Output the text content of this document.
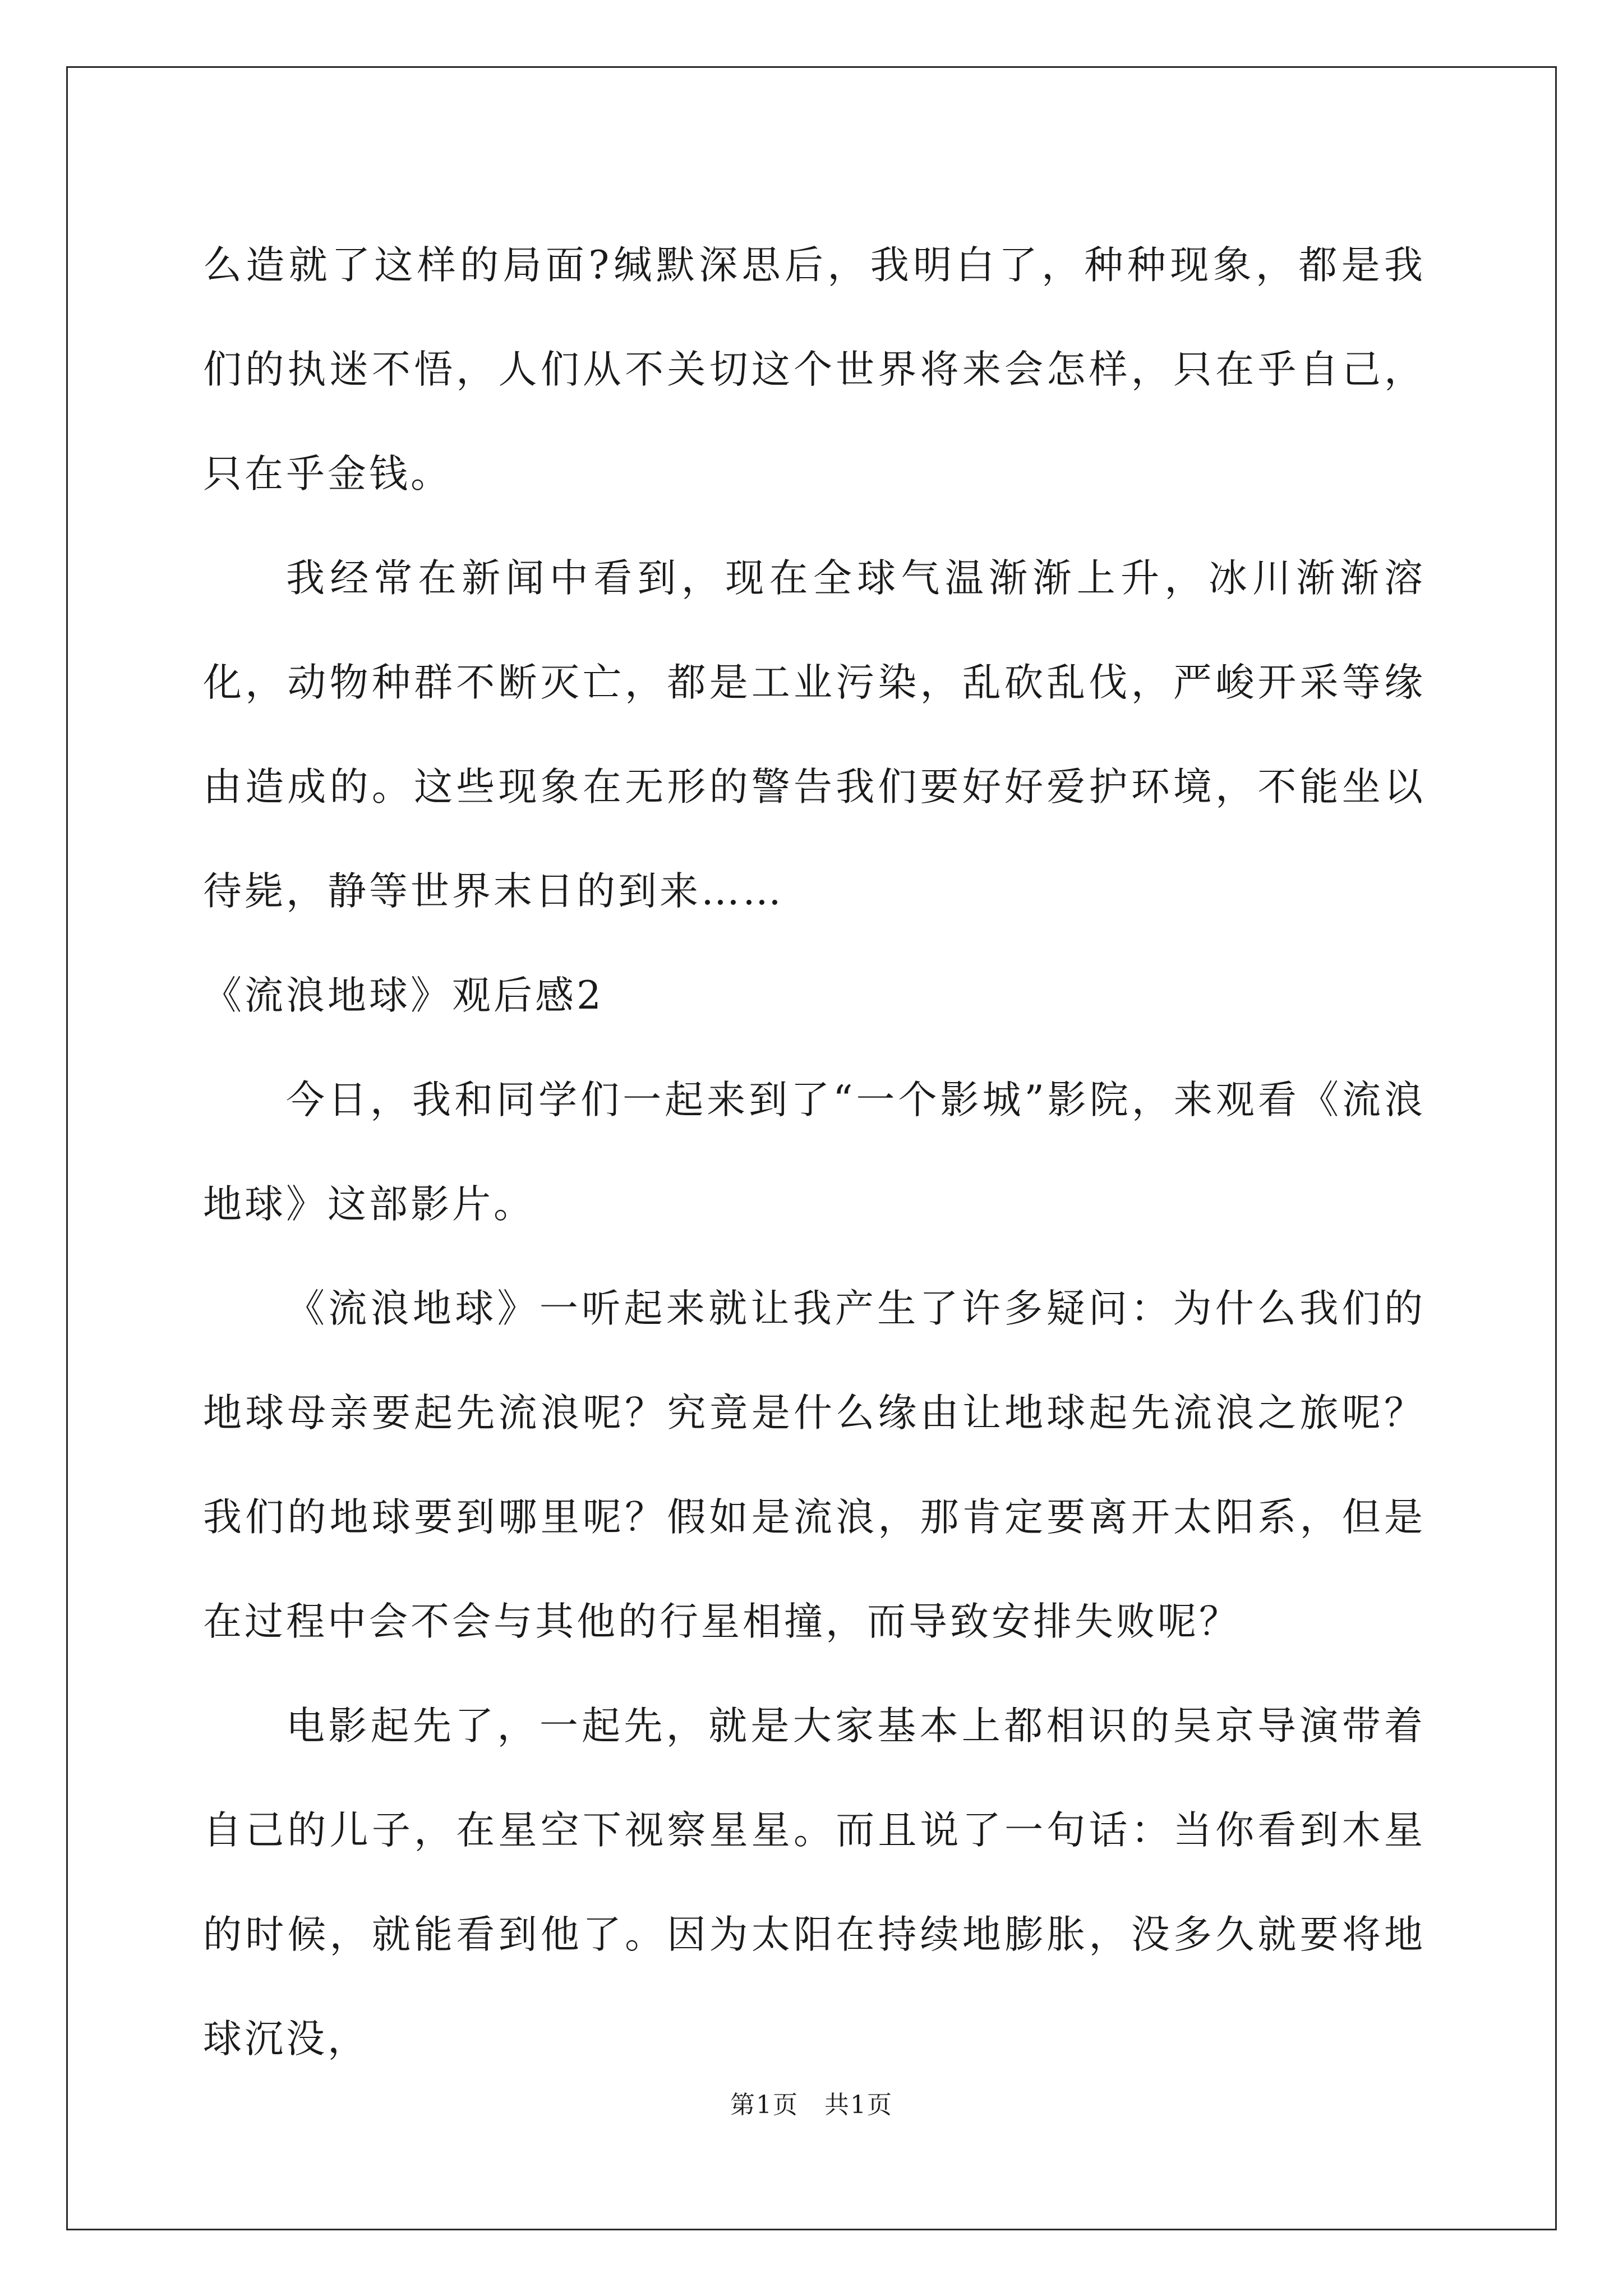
么造就了这样的局面?缄默深思后，我明白了，种种现象，都是我们的执迷不悟，人们从不关切这个世界将来会怎样，只在乎自己，只在乎金钱。

我经常在新闻中看到，现在全球气温渐渐上升，冰川渐渐溶化，动物种群不断灭亡，都是工业污染，乱砍乱伐，严峻开采等缘由造成的。这些现象在无形的警告我们要好好爱护环境，不能坐以待毙，静等世界末日的到来……

《流浪地球》观后感2

今日，我和同学们一起来到了“一个影城”影院，来观看《流浪地球》这部影片。

《流浪地球》一听起来就让我产生了许多疑问：为什么我们的地球母亲要起先流浪呢？究竟是什么缘由让地球起先流浪之旅呢？我们的地球要到哪里呢？假如是流浪，那肯定要离开太阳系，但是在过程中会不会与其他的行星相撞，而导致安排失败呢？

电影起先了，一起先，就是大家基本上都相识的吴京导演带着自己的儿子，在星空下视察星星。而且说了一句话：当你看到木星的时候，就能看到他了。因为太阳在持续地膨胀，没多久就要将地球沉没，

第1页　共1页
